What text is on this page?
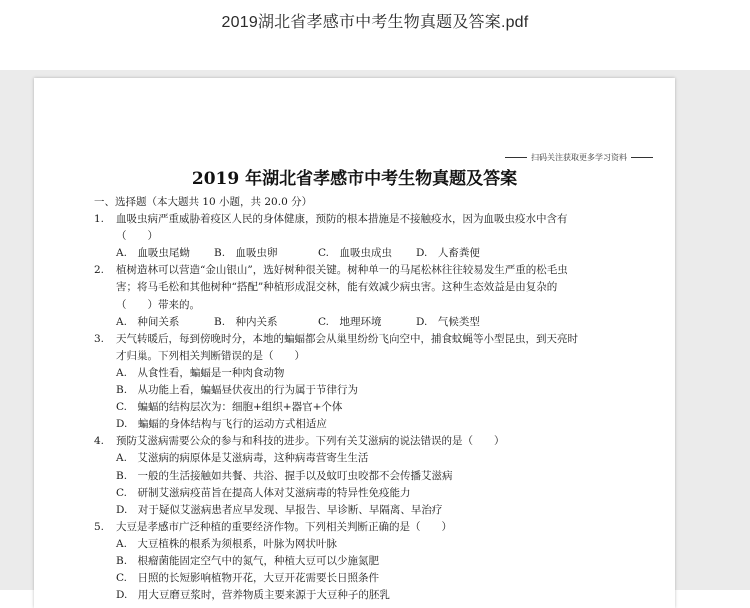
2019湖北省孝感市中考生物真题及答案.pdf
扫码关注获取更多学习资料
2019 年湖北省孝感市中考生物真题及答案
一、选择题（本大题共 10 小题，共 20.0 分）
1.	血吸虫病严重威胁着疫区人民的身体健康，预防的根本措施是不接触疫水，因为血吸虫疫水中含有
（　　）
A.　血吸虫尾蚴 B.　血吸虫卵	C.　血吸虫成虫 D.　人畜粪便
2.	植树造林可以营造“金山银山”，选好树种很关键。树种单一的马尾松林往往较易发生严重的松毛虫
害；将马毛松和其他树种“搭配”种植形成混交林，能有效减少病虫害。这种生态效益是由复杂的
（　　）带来的。
A.　种间关系	B.　种内关系	C.　地理环境	D.　气候类型
3.	天气转暖后，每到傍晚时分，本地的蝙蝠都会从巢里纷纷飞向空中，捕食蚊蝇等小型昆虫，到天亮时
才归巢。下列相关判断错误的是（　　）
A.　从食性看，蝙蝠是一种肉食动物
B.　从功能上看，蝙蝠昼伏夜出的行为属于节律行为
C.　蝙蝠的结构层次为：细胞+组织+器官+个体
D.　蝙蝠的身体结构与飞行的运动方式相适应
4.	预防艾滋病需要公众的参与和科技的进步。下列有关艾滋病的说法错误的是（　　）
A.　艾滋病的病原体是艾滋病毒，这种病毒营寄生生活
B.　一般的生活接触如共餐、共浴、握手以及蚊叮虫咬都不会传播艾滋病
C.　研制艾滋病疫苗旨在提高人体对艾滋病毒的特异性免疫能力
D.　对于疑似艾滋病患者应早发现、早报告、早诊断、早隔离、早治疗
5.	大豆是孝感市广泛种植的重要经济作物。下列相关判断正确的是（　　）
A.　大豆植株的根系为须根系，叶脉为网状叶脉
B.　根瘤菌能固定空气中的氮气，种植大豆可以少施氮肥
C.　日照的长短影响植物开花，大豆开花需要长日照条件
D.　用大豆磨豆浆时，营养物质主要来源于大豆种子的胚乳
